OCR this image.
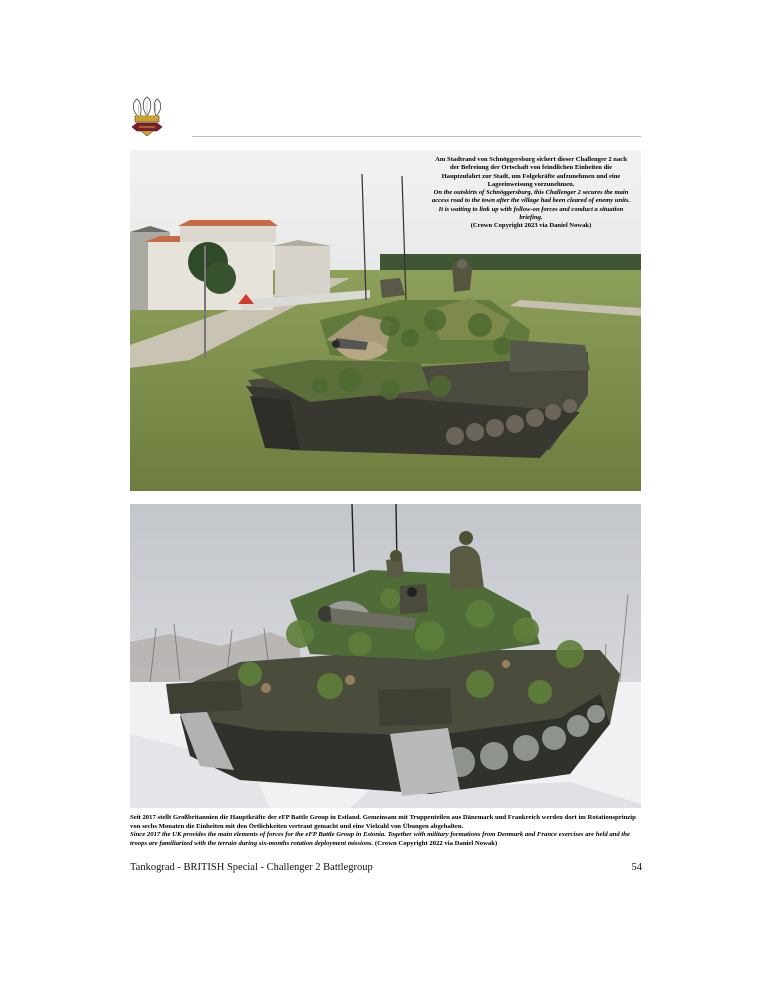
Am Stadtrand von Schnöggersburg sichert dieser Challenger 2 nach der Befreiung der Ortschaft von feindlichen Einheiten die Hauptzufahrt zur Stadt, um Folgekräfte aufzunehmen und eine Lageeinweisung vorzunehmen.
On the outskirts of Schnöggersburg, this Challenger 2 secures the main access road to the town after the village had been cleared of enemy units. It is waiting to link up with follow-on forces and conduct a situation briefing.
(Crown Copyright 2023 via Daniel Nowak)
Seit 2017 stellt Großbritannien die Hauptkräfte der eFP Battle Group in Estland. Gemeinsam mit Truppenteilen aus Dänemark und Frankreich werden dort im Rotationsprinzip von sechs Monaten die Einheiten mit den Örtlichkeiten vertraut gemacht und eine Vielzahl von Übungen abgehalten.
Since 2017 the UK provides the main elements of forces for the eFP Battle Group in Estonia. Together with military formations from Denmark and France exercises are held and the troops are familiarized with the terrain during six-months rotation deployment missions. (Crown Copyright 2022 via Daniel Nowak)
Tankograd - BRITISH Special - Challenger 2 Battlegroup	54
